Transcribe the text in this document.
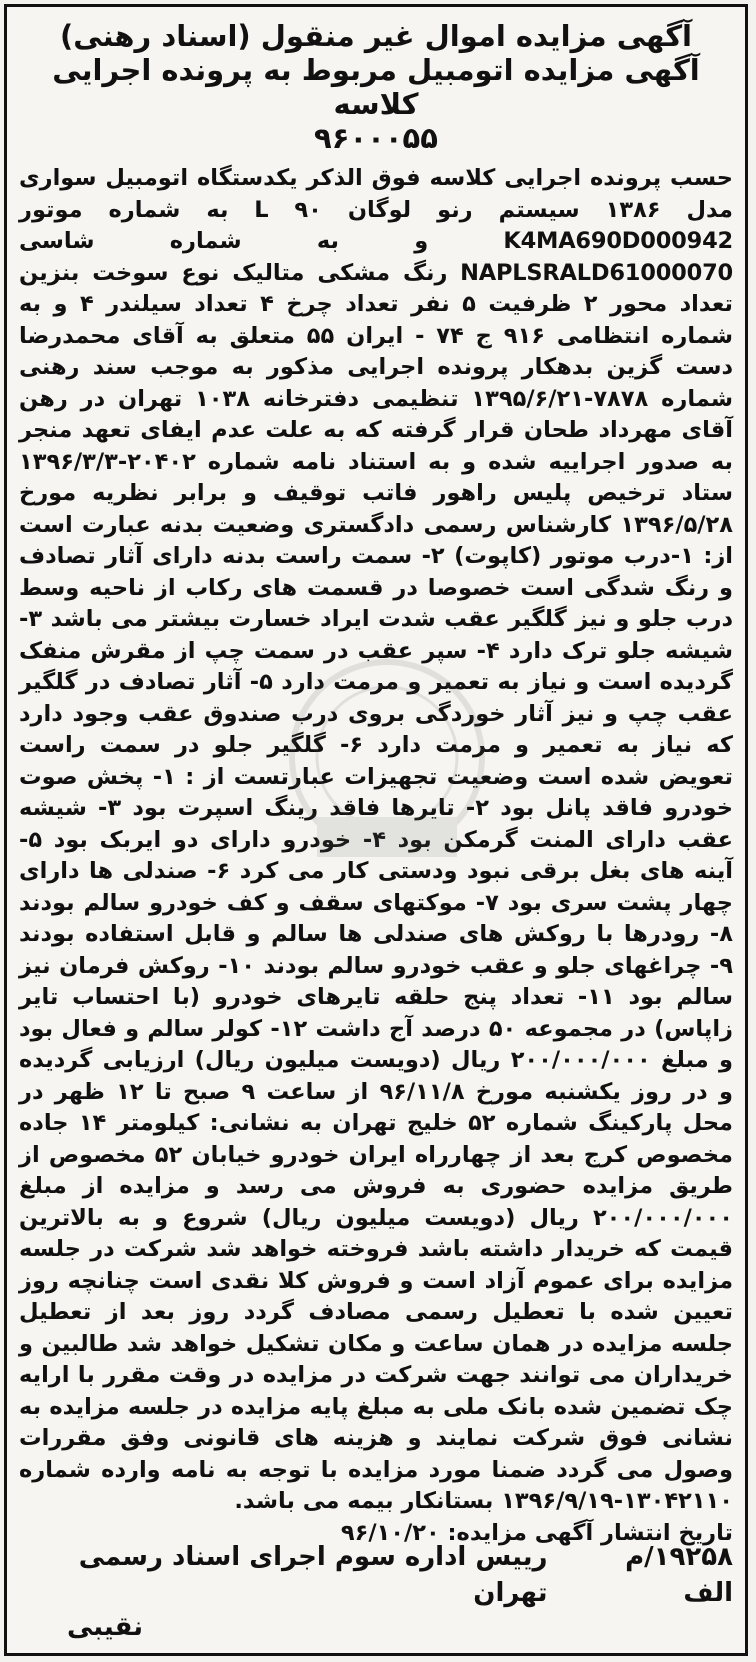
آگهی مزایده اموال غیر منقول (اسناد رهنی)
آگهی مزایده اتومبیل مربوط به پرونده اجرایی کلاسه
۹۶۰۰۰۵۵

حسب پرونده اجرایی کلاسه فوق الذکر یکدستگاه اتومبیل سواری مدل ۱۳۸۶ سیستم رنو لوگان ۹۰ L به شماره موتور K4MA690D000942 و به شماره شاسی NAPLSRALD61000070 رنگ مشکی متالیک نوع سوخت بنزین تعداد محور ۲ ظرفیت ۵ نفر تعداد چرخ ۴ تعداد سیلندر ۴ و به شماره انتظامی ۹۱۶ ج ۷۴ - ایران ۵۵ متعلق به آقای محمدرضا دست گزین بدهکار پرونده اجرایی مذکور به موجب سند رهنی شماره ۷۸۷۸-۱۳۹۵/۶/۲۱ تنظیمی دفترخانه ۱۰۳۸ تهران در رهن آقای مهرداد طحان قرار گرفته که به علت عدم ایفای تعهد منجر به صدور اجراییه شده و به استناد نامه شماره ۲۰۴۰۲-۱۳۹۶/۳/۳ ستاد ترخیص پلیس راهور فاتب توقیف و برابر نظریه مورخ ۱۳۹۶/۵/۲۸ کارشناس رسمی دادگستری وضعیت بدنه عبارت است از: ۱-درب موتور (کاپوت) ۲- سمت راست بدنه دارای آثار تصادف و رنگ شدگی است خصوصا در قسمت های رکاب از ناحیه وسط درب جلو و نیز گلگیر عقب شدت ایراد خسارت بیشتر می باشد ۳- شیشه جلو ترک دارد ۴- سپر عقب در سمت چپ از مقرش منفک گردیده است و نیاز به تعمیر و مرمت دارد ۵- آثار تصادف در گلگیر عقب چپ و نیز آثار خوردگی بروی درب صندوق عقب وجود دارد که نیاز به تعمیر و مرمت دارد ۶- گلگیر جلو در سمت راست تعویض شده است وضعیت تجهیزات عبارتست از : ۱- پخش صوت خودرو فاقد پانل بود ۲- تایرها فاقد رینگ اسپرت بود ۳- شیشه عقب دارای المنت گرمکن بود ۴- خودرو دارای دو ایربک بود ۵- آینه های بغل برقی نبود ودستی کار می کرد ۶- صندلی ها دارای چهار پشت سری بود ۷- موکتهای سقف و کف خودرو سالم بودند ۸- رودرها با روکش های صندلی ها سالم و قابل استفاده بودند ۹- چراغهای جلو و عقب خودرو سالم بودند ۱۰- روکش فرمان نیز سالم بود ۱۱- تعداد پنج حلقه تایرهای خودرو (با احتساب تایر زاپاس) در مجموعه ۵۰ درصد آج داشت ۱۲- کولر سالم و فعال بود و مبلغ ۲۰۰/۰۰۰/۰۰۰ ریال (دویست میلیون ریال) ارزیابی گردیده و در روز یکشنبه مورخ ۹۶/۱۱/۸ از ساعت ۹ صبح تا ۱۲ ظهر در محل پارکینگ شماره ۵۲ خلیج تهران به نشانی: کیلومتر ۱۴ جاده مخصوص کرج بعد از چهارراه ایران خودرو خیابان ۵۲ مخصوص از طریق مزایده حضوری به فروش می رسد و مزایده از مبلغ ۲۰۰/۰۰۰/۰۰۰ ریال (دویست میلیون ریال) شروع و به بالاترین قیمت که خریدار داشته باشد فروخته خواهد شد شرکت در جلسه مزایده برای عموم آزاد است و فروش کلا نقدی است چنانچه روز تعیین شده با تعطیل رسمی مصادف گردد روز بعد از تعطیل جلسه مزایده در همان ساعت و مکان تشکیل خواهد شد طالبین و خریداران می توانند جهت شرکت در مزایده در وقت مقرر با ارایه چک تضمین شده بانک ملی به مبلغ پایه مزایده در جلسه مزایده به نشانی فوق شرکت نمایند و هزینه های قانونی وفق مقررات وصول می گردد ضمنا مورد مزایده با توجه به نامه وارده شماره ۱۳۰۴۲۱۱۰-۱۳۹۶/۹/۱۹ بستانکار بیمه می باشد.

تاریخ انتشار آگهی مزایده: ۹۶/۱۰/۲۰
۱۹۲۵۸/م الف
رییس اداره سوم اجرای اسناد رسمی تهران
نقیبی
